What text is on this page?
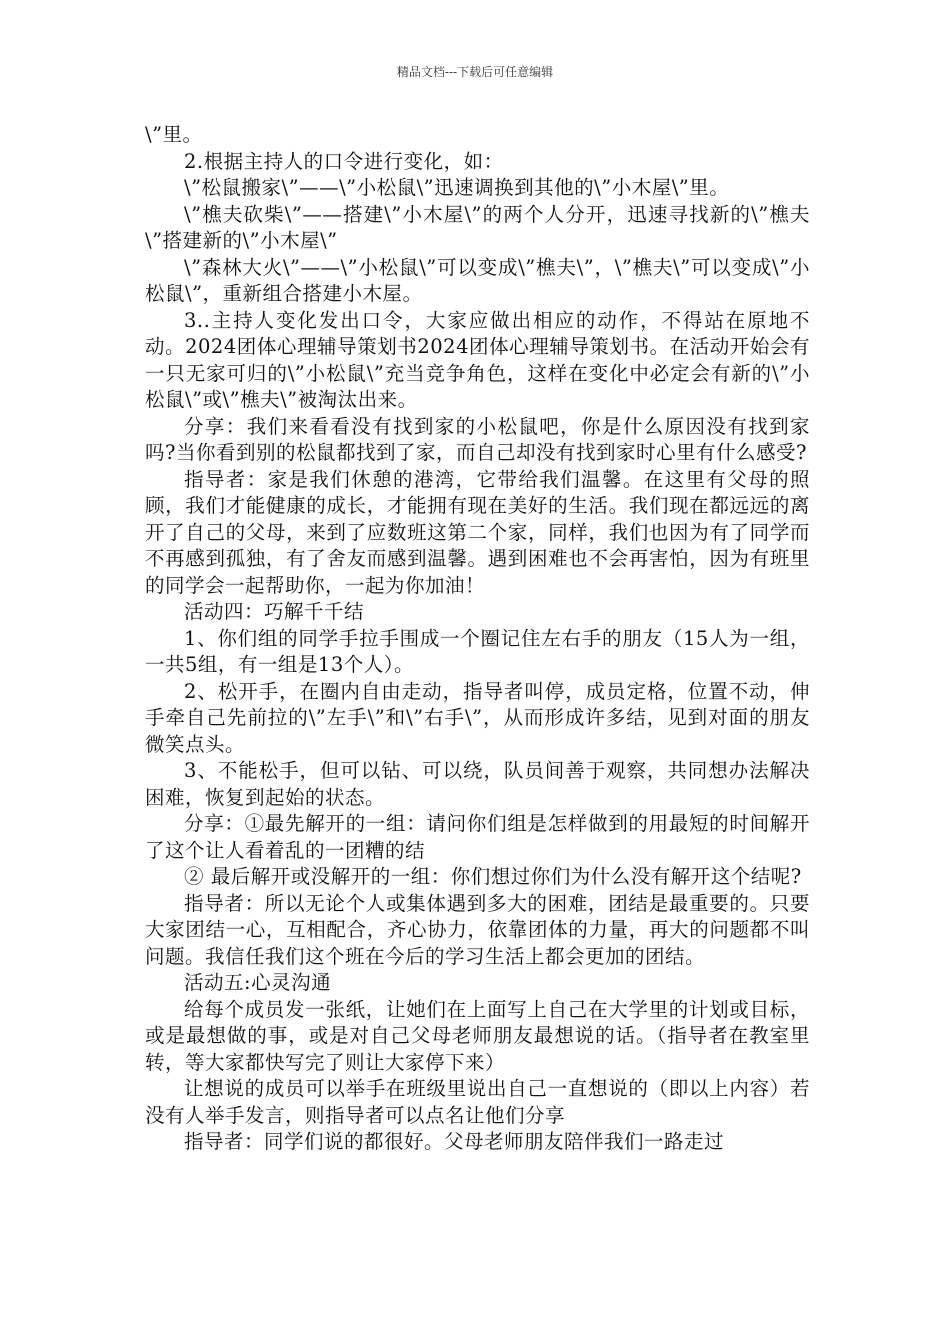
精品文档---下载后可任意编辑

\”里。

2.根据主持人的口令进行变化，如：

\”松鼠搬家\”——\”小松鼠\”迅速调换到其他的\”小木屋\”里。

\”樵夫砍柴\”——搭建\”小木屋\”的两个人分开，迅速寻找新的\”樵夫\”搭建新的\”小木屋\”

\”森林大火\”——\”小松鼠\”可以变成\”樵夫\”，\”樵夫\”可以变成\”小松鼠\”，重新组合搭建小木屋。

3..主持人变化发出口令，大家应做出相应的动作，不得站在原地不动。2024团体心理辅导策划书2024团体心理辅导策划书。在活动开始会有一只无家可归的\”小松鼠\”充当竞争角色，这样在变化中必定会有新的\”小松鼠\”或\”樵夫\”被淘汰出来。

分享：我们来看看没有找到家的小松鼠吧，你是什么原因没有找到家吗?当你看到别的松鼠都找到了家，而自己却没有找到家时心里有什么感受?

指导者：家是我们休憩的港湾，它带给我们温馨。在这里有父母的照顾，我们才能健康的成长，才能拥有现在美好的生活。我们现在都远远的离开了自己的父母，来到了应数班这第二个家，同样，我们也因为有了同学而不再感到孤独，有了舍友而感到温馨。遇到困难也不会再害怕，因为有班里的同学会一起帮助你，一起为你加油！

活动四：巧解千千结

1、你们组的同学手拉手围成一个圈记住左右手的朋友（15人为一组，一共5组，有一组是13个人）。

2、松开手，在圈内自由走动，指导者叫停，成员定格，位置不动，伸手牵自己先前拉的\”左手\”和\”右手\”，从而形成许多结，见到对面的朋友微笑点头。

3、不能松手，但可以钻、可以绕，队员间善于观察，共同想办法解决困难，恢复到起始的状态。

分享：①最先解开的一组：请问你们组是怎样做到的用最短的时间解开了这个让人看着乱的一团糟的结

② 最后解开或没解开的一组：你们想过你们为什么没有解开这个结呢?

指导者：所以无论个人或集体遇到多大的困难，团结是最重要的。只要大家团结一心，互相配合，齐心协力，依靠团体的力量，再大的问题都不叫问题。我信任我们这个班在今后的学习生活上都会更加的团结。

活动五:心灵沟通

给每个成员发一张纸，让她们在上面写上自己在大学里的计划或目标，或是最想做的事，或是对自己父母老师朋友最想说的话。（指导者在教室里转，等大家都快写完了则让大家停下来）

让想说的成员可以举手在班级里说出自己一直想说的（即以上内容）若没有人举手发言，则指导者可以点名让他们分享

指导者：同学们说的都很好。父母老师朋友陪伴我们一路走过
